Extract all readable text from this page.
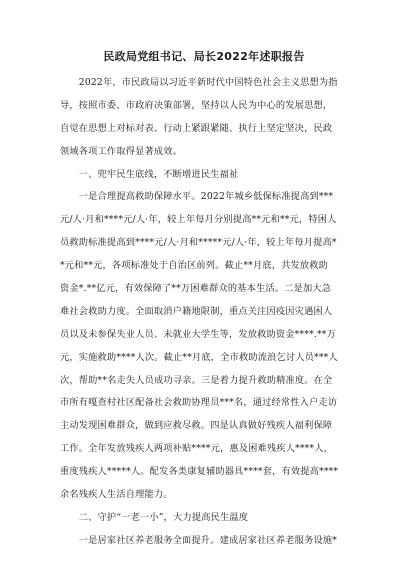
民政局党组书记、局长2022年述职报告
　　2022年，市民政局以习近平新时代中国特色社会主义思想为指
导，按照市委、市政府决策部署，坚持以人民为中心的发展思想，
自觉在思想上对标对表、行动上紧跟紧随、执行上坚定坚决，民政
领域各项工作取得显著成效。
　　一、兜牢民生底线，不断增进民生福祉
　　一是合理提高救助保障水平。2022年城乡低保标准提高到***
元/人·月和****元/人·年，较上年每月分别提高**元和**元，特困人
员救助标准提高到****元/人·月和*****元/人·年，较上年每月提高*
*元和**元，各项标准处于自治区前列。截止**月底，共发放救助
资金*.**亿元，有效保障了**万困难群众的基本生活。二是加大急
难社会救助力度。全面取消户籍地限制，重点关注因疫因灾遇困人
员以及未参保失业人员、未就业大学生等，发放救助资金****.**万
元，实施救助****人次。截止**月底，全市救助流浪乞讨人员***人
次，帮助**名走失人员成功寻亲。三是着力提升救助精准度。在全
市所有嘎查村社区配备社会救助协理员***名，通过经常性入户走访
主动发现困难群众，做到应救尽救。四是认真做好残疾人福利保障
工作。全年发放残疾人两项补贴****元，惠及困难残疾人****人，
重度残疾人*****人。配发各类康复辅助器具****套，有效提高****
余名残疾人生活自理能力。
　　二、守护“一老一小”，大力提高民生温度
　　一是居家社区养老服务全面提升。建成居家社区养老服务设施*
